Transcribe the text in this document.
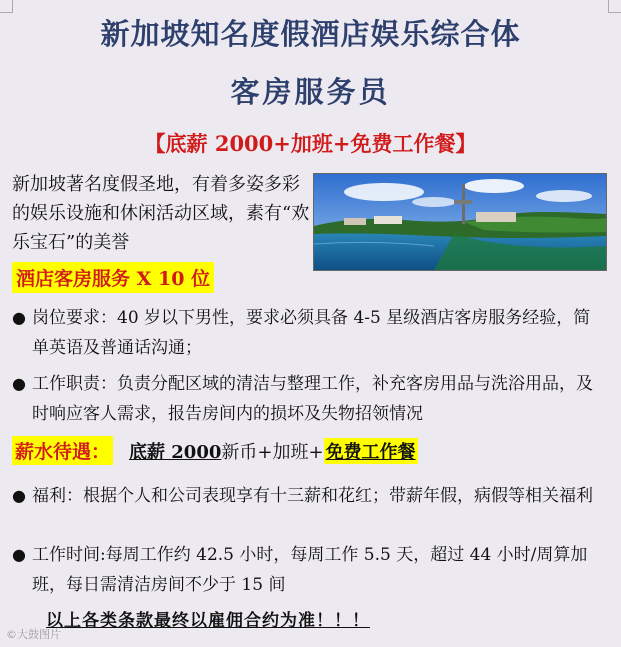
新加坡知名度假酒店娱乐综合体
客房服务员
【底薪 2000+加班+免费工作餐】
新加坡著名度假圣地，有着多姿多彩的娱乐设施和休闲活动区域，素有“欢乐宝石”的美誉
酒店客房服务 X 10 位
● 岗位要求：40 岁以下男性，要求必须具备 4-5 星级酒店客房服务经验，简单英语及普通话沟通；
● 工作职责：负责分配区域的清洁与整理工作，补充客房用品与洗浴用品，及时响应客人需求，报告房间内的损坏及失物招领情况
薪水待遇： 底薪 2000 新币+加班+ 免费工作餐
● 福利：根据个人和公司表现享有十三薪和花红；带薪年假，病假等相关福利
● 工作时间:每周工作约 42.5 小时，每周工作 5.5 天，超过 44 小时/周算加班，每日需清洁房间不少于 15 间
以上各类条款最终以雇佣合约为准！！！
©大鼓图片
